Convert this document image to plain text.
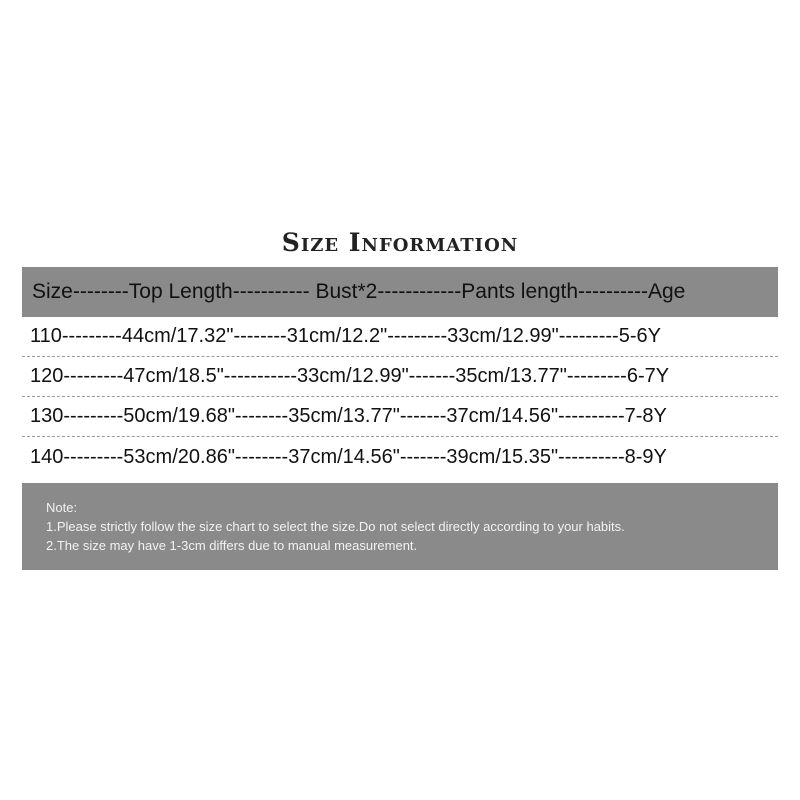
Size Information
Size--------Top Length----------- Bust*2------------Pants length----------Age
110---------44cm/17.32"--------31cm/12.2"---------33cm/12.99"---------5-6Y
120---------47cm/18.5"-----------33cm/12.99"-------35cm/13.77"---------6-7Y
130---------50cm/19.68"--------35cm/13.77"-------37cm/14.56"----------7-8Y
140---------53cm/20.86"--------37cm/14.56"-------39cm/15.35"----------8-9Y
Note:
1.Please strictly follow the size chart to select the size.Do not select directly according to your habits.
2.The size may have 1-3cm differs due to manual measurement.
